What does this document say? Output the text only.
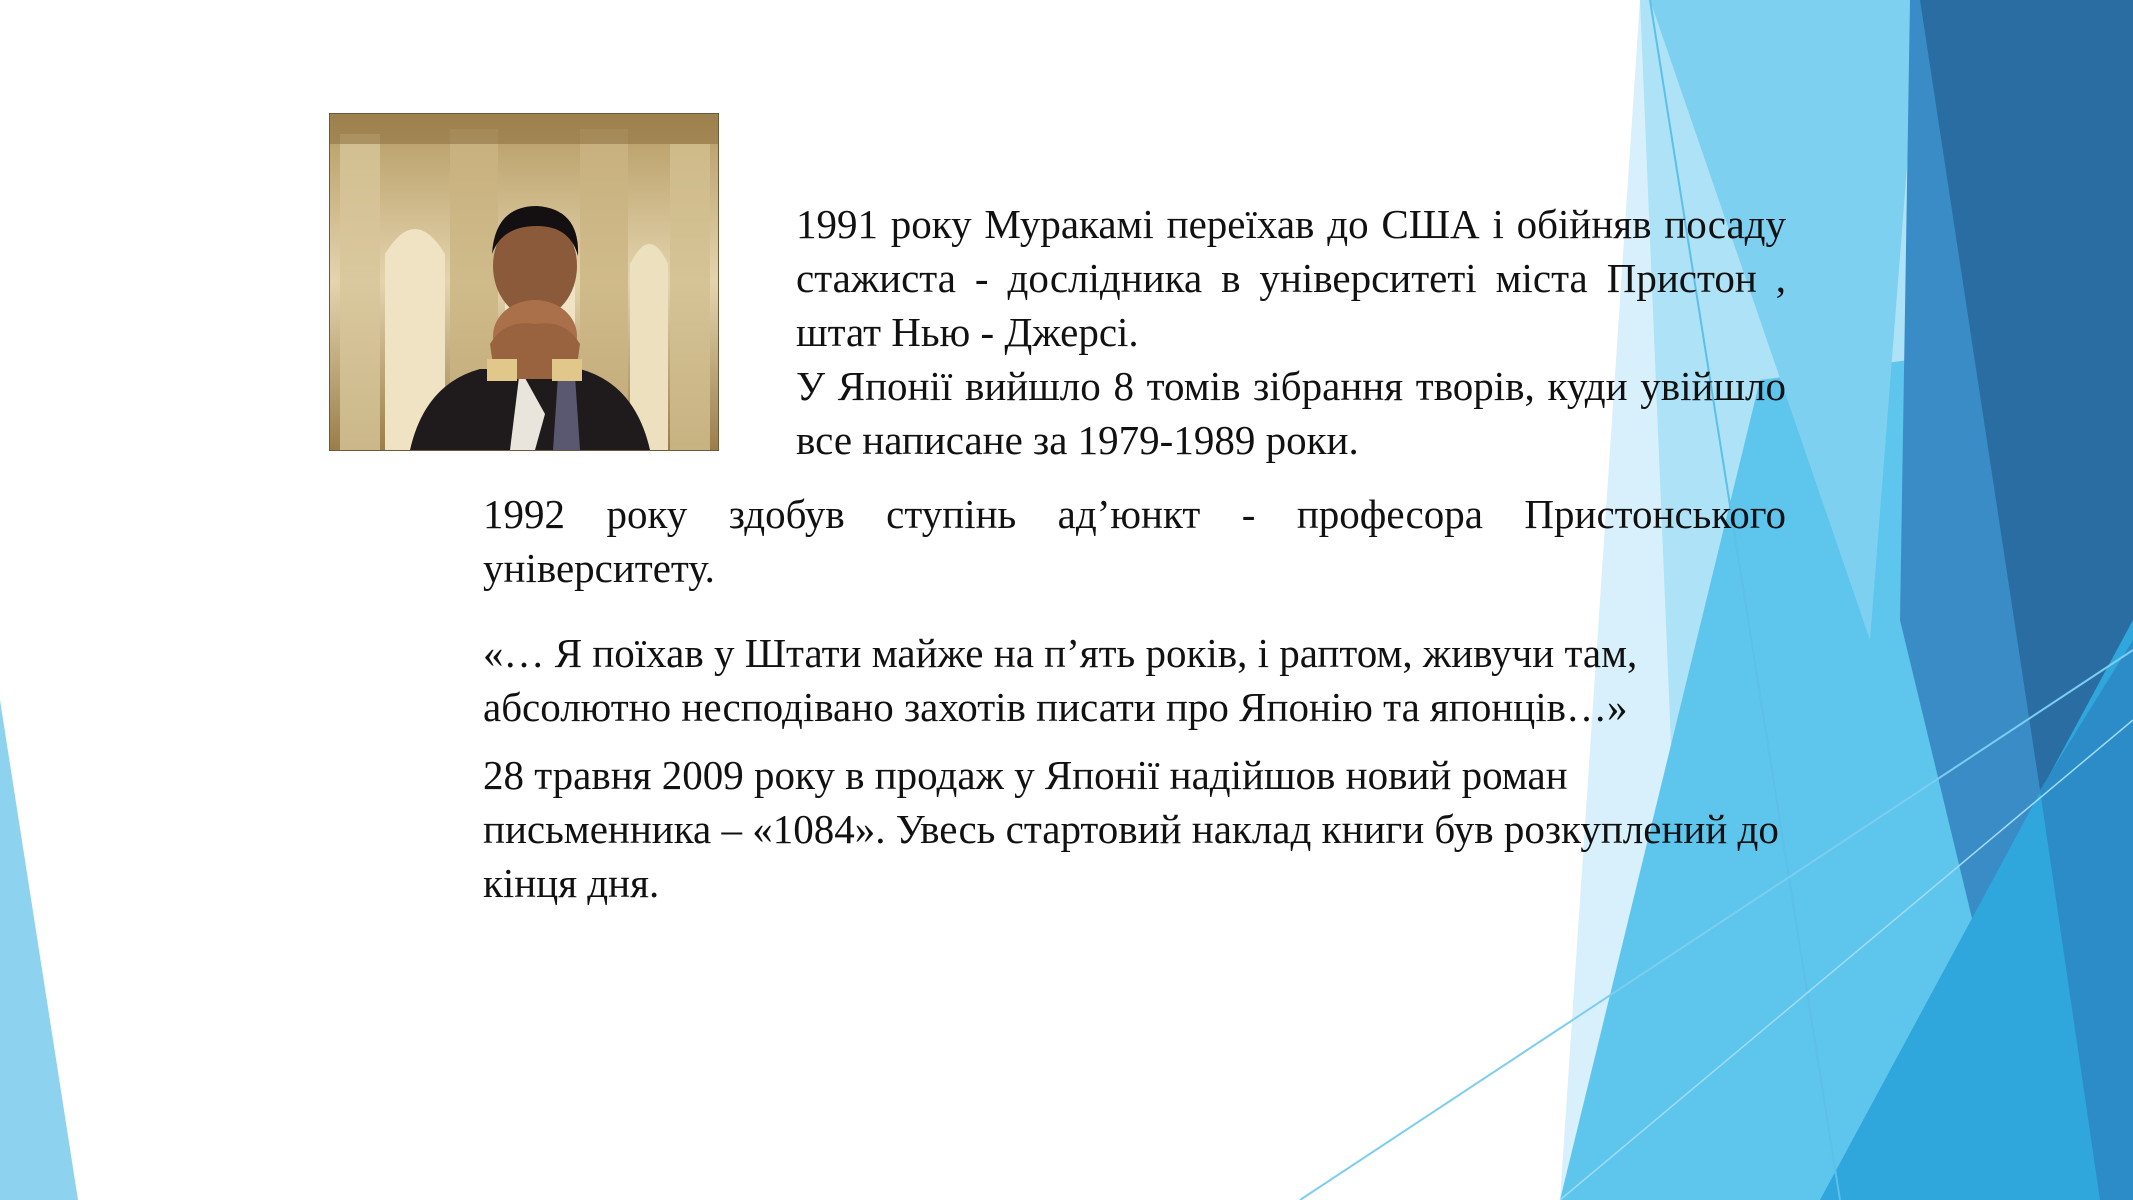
1991 року Муракамі переїхав до США і обійняв посаду стажиста - дослідника в університеті міста Пристон , штат Нью - Джерсі.
У Японії вийшло 8 томів зібрання творів, куди увійшло все написане за 1979-1989 роки.

1992 року здобув ступінь ад’юнкт - професора Пристонського університету.

«… Я поїхав у Штати майже на п’ять років, і раптом, живучи там, абсолютно несподівано захотів писати про Японію та японців…»

28 травня 2009 року в продаж у Японії надійшов новий роман письменника – «1084». Увесь стартовий наклад книги був розкуплений до кінця дня.
